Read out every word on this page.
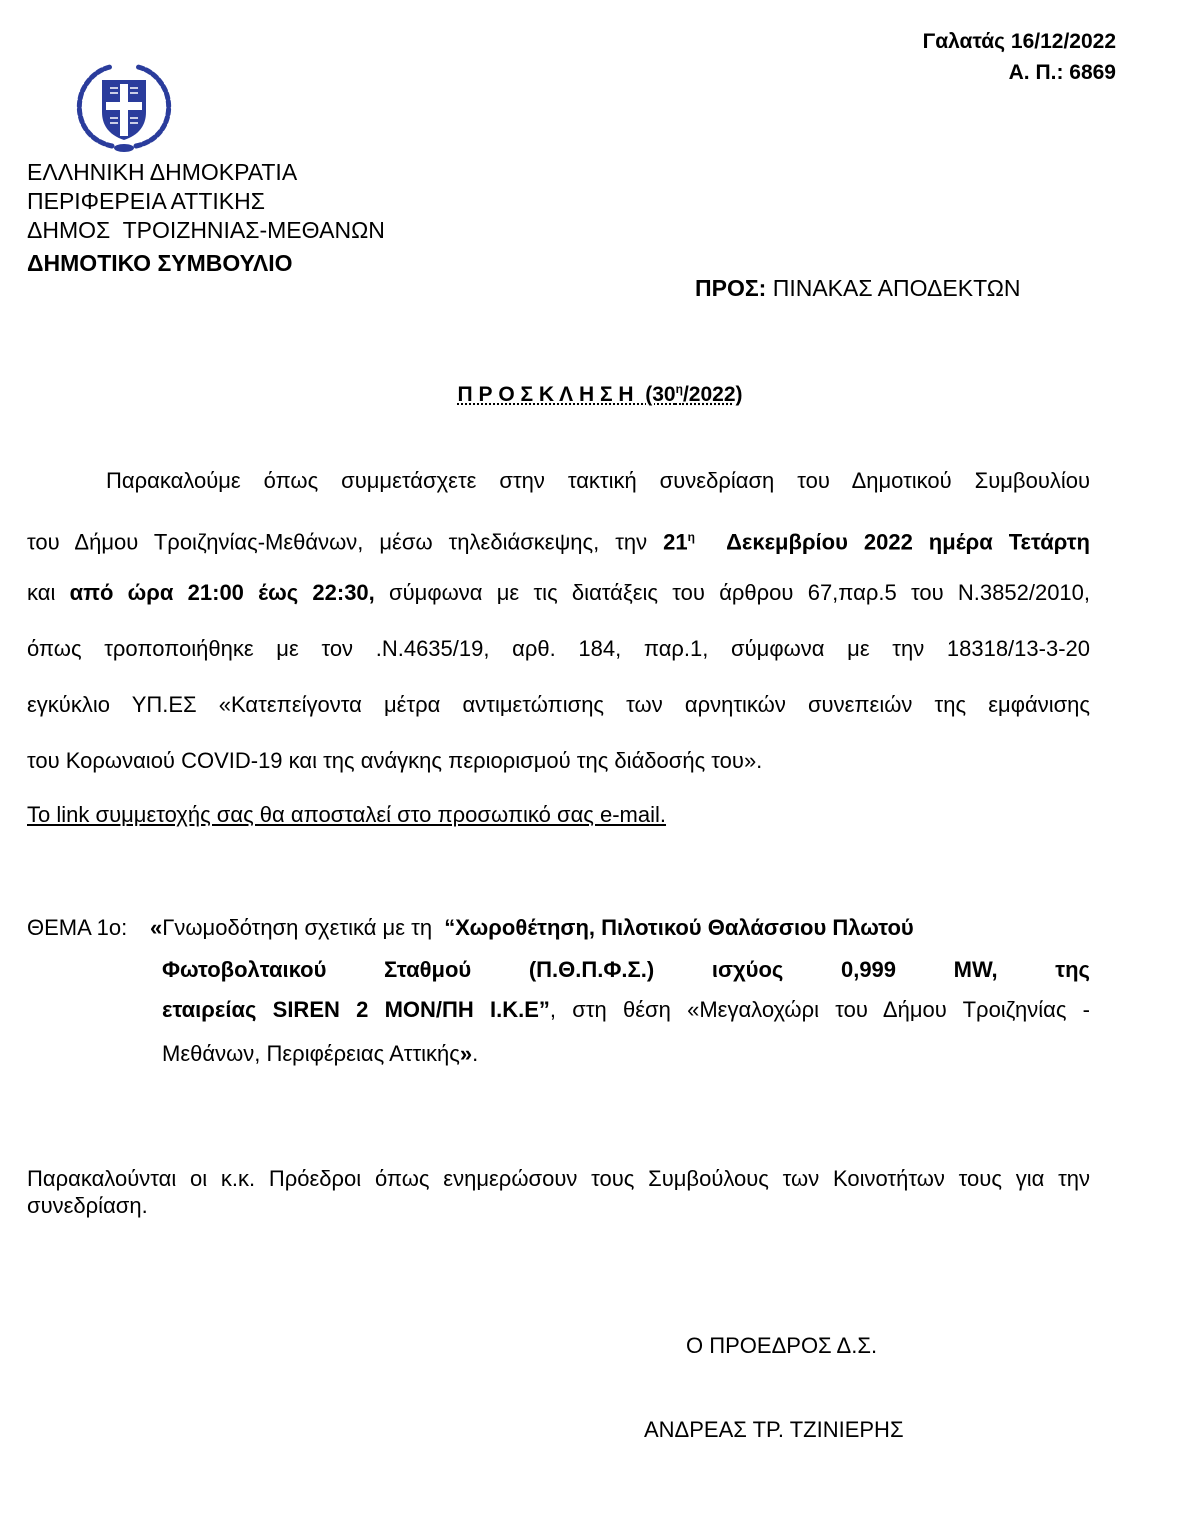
Γαλατάς 16/12/2022
Α. Π.: 6869
ΕΛΛΗΝΙΚΗ ΔΗΜΟΚΡΑΤΙΑ
ΠΕΡΙΦΕΡΕΙΑ ΑΤΤΙΚΗΣ
ΔΗΜΟΣ  ΤΡΟΙΖΗΝΙΑΣ-ΜΕΘΑΝΩΝ
ΔΗΜΟΤΙΚΟ ΣΥΜΒΟΥΛΙΟ
ΠΡΟΣ: ΠΙΝΑΚΑΣ ΑΠΟΔΕΚΤΩΝ
Π Ρ Ο Σ Κ Λ Η Σ Η  $(30^\eta/2022)$
Παρακαλούμε όπως συμμετάσχετε στην τακτική συνεδρίαση του Δημοτικού Συμβουλίου
του Δήμου Τροιζηνίας-Μεθάνων, μέσω τηλεδιάσκεψης, την $21^\eta$  Δεκεμβρίου 2022 ημέρα Τετάρτη
και από ώρα 21:00 έως 22:30, σύμφωνα με τις διατάξεις του άρθρου 67,παρ.5 του Ν.3852/2010,
όπως τροποποιήθηκε με τον .Ν.4635/19, αρθ. 184, παρ.1, σύμφωνα με την 18318/13-3-20
εγκύκλιο ΥΠ.ΕΣ «Κατεπείγοντα μέτρα αντιμετώπισης των αρνητικών συνεπειών της εμφάνισης
του Κορωναιού COVID-19 και της ανάγκης περιορισμού της διάδοσής του».
Το link συμμετοχής σας θα αποσταλεί στο προσωπικό σας e-mail.
ΘΕΜΑ 1ο: «Γνωμοδότηση σχετικά με τη  “Χωροθέτηση, Πιλοτικού Θαλάσσιου Πλωτού
Φωτοβολταικού Σταθμού (Π.Θ.Π.Φ.Σ.) ισχύος 0,999 MW, της
εταιρείας SIREN 2 ΜΟΝ/ΠΗ Ι.Κ.Ε”, στη θέση «Μεγαλοχώρι του Δήμου Τροιζηνίας -
Μεθάνων, Περιφέρειας Αττικής».
Παρακαλούνται οι κ.κ. Πρόεδροι όπως ενημερώσουν τους Συμβούλους των Κοινοτήτων τους για την συνεδρίαση.
Ο ΠΡΟΕΔΡΟΣ Δ.Σ.
ΑΝΔΡΕΑΣ ΤΡ. ΤΖΙΝΙΕΡΗΣ
